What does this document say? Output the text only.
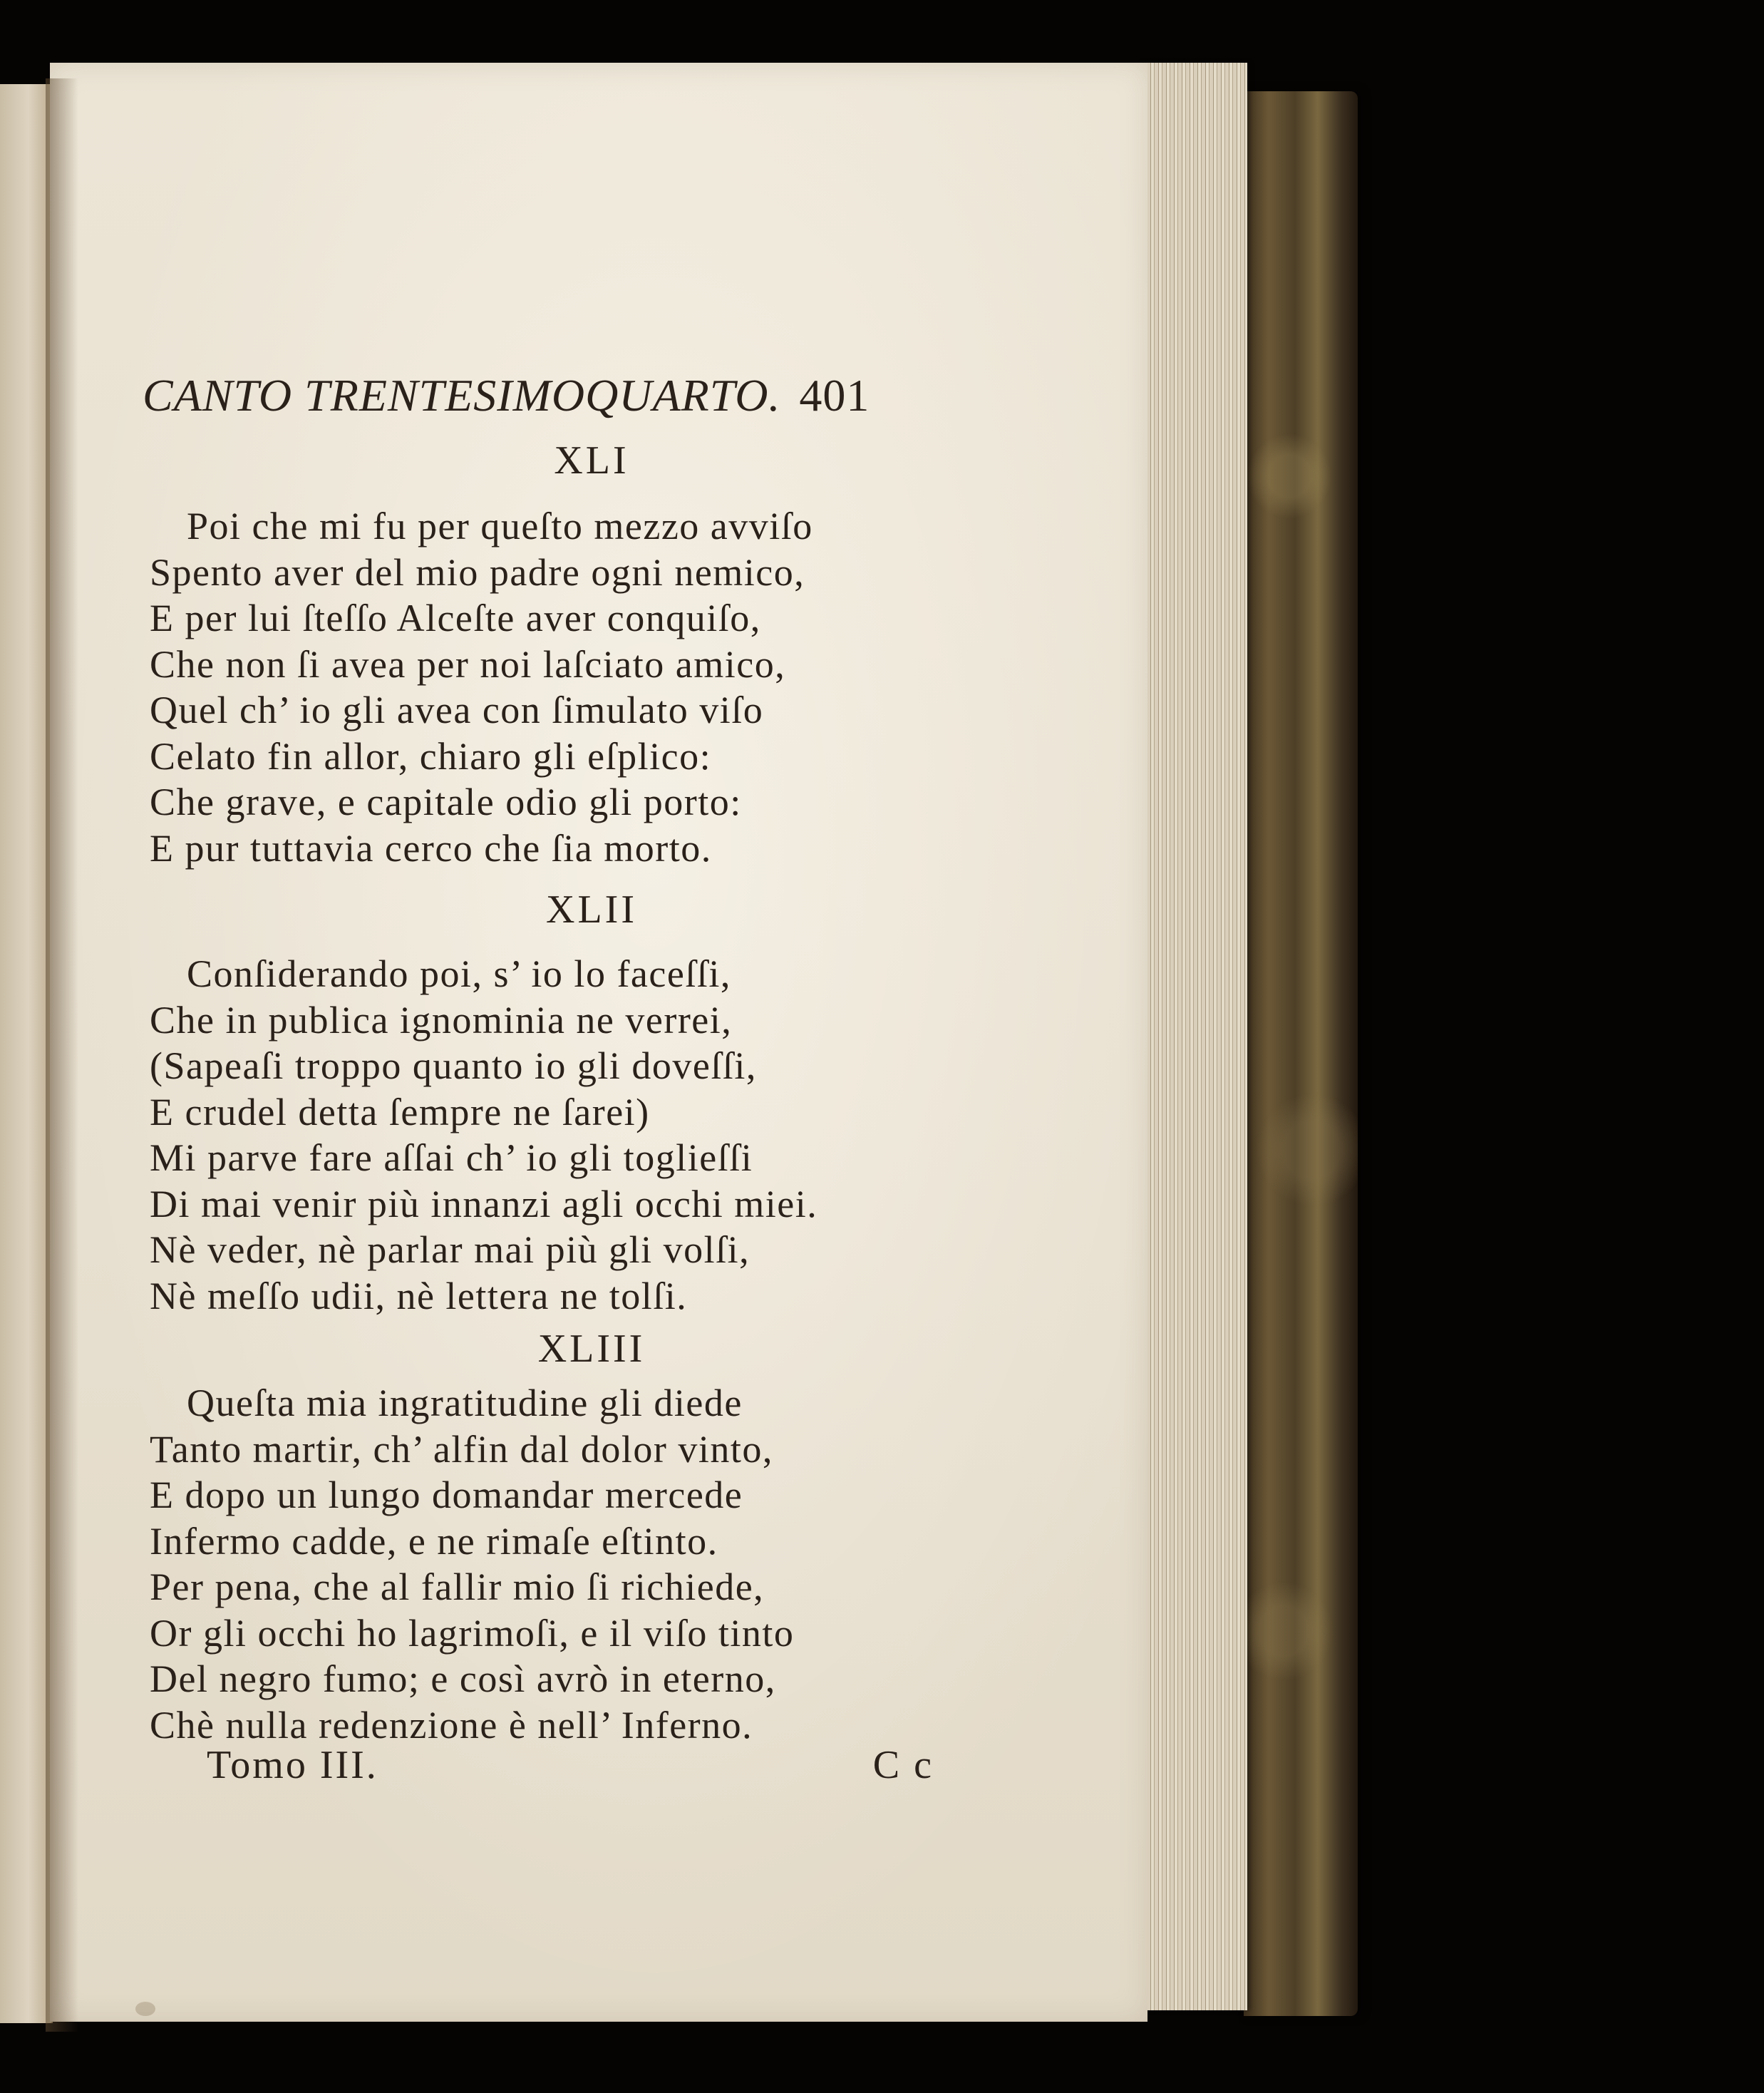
CANTO TRENTESIMOQUARTO. 401
XLI
Poi che mi fu per queſto mezzo avviſo
Spento aver del mio padre ogni nemico,
E per lui ſteſſo Alceſte aver conquiſo,
Che non ſi avea per noi laſciato amico,
Quel ch’ io gli avea con ſimulato viſo
Celato fin allor, chiaro gli eſplico:
Che grave, e capitale odio gli porto:
E pur tuttavia cerco che ſia morto.
XLII
Conſiderando poi, s’ io lo faceſſi,
Che in publica ignominia ne verrei,
(Sapeaſi troppo quanto io gli doveſſi,
E crudel detta ſempre ne ſarei)
Mi parve fare aſſai ch’ io gli toglieſſi
Di mai venir più innanzi agli occhi miei.
Nè veder, nè parlar mai più gli volſi,
Nè meſſo udii, nè lettera ne tolſi.
XLIII
Queſta mia ingratitudine gli diede
Tanto martir, ch’ alfin dal dolor vinto,
E dopo un lungo domandar mercede
Infermo cadde, e ne rimaſe eſtinto.
Per pena, che al fallir mio ſi richiede,
Or gli occhi ho lagrimoſi, e il viſo tinto
Del negro fumo; e così avrò in eterno,
Chè nulla redenzione è nell’ Inferno.
Tomo III.	C c
